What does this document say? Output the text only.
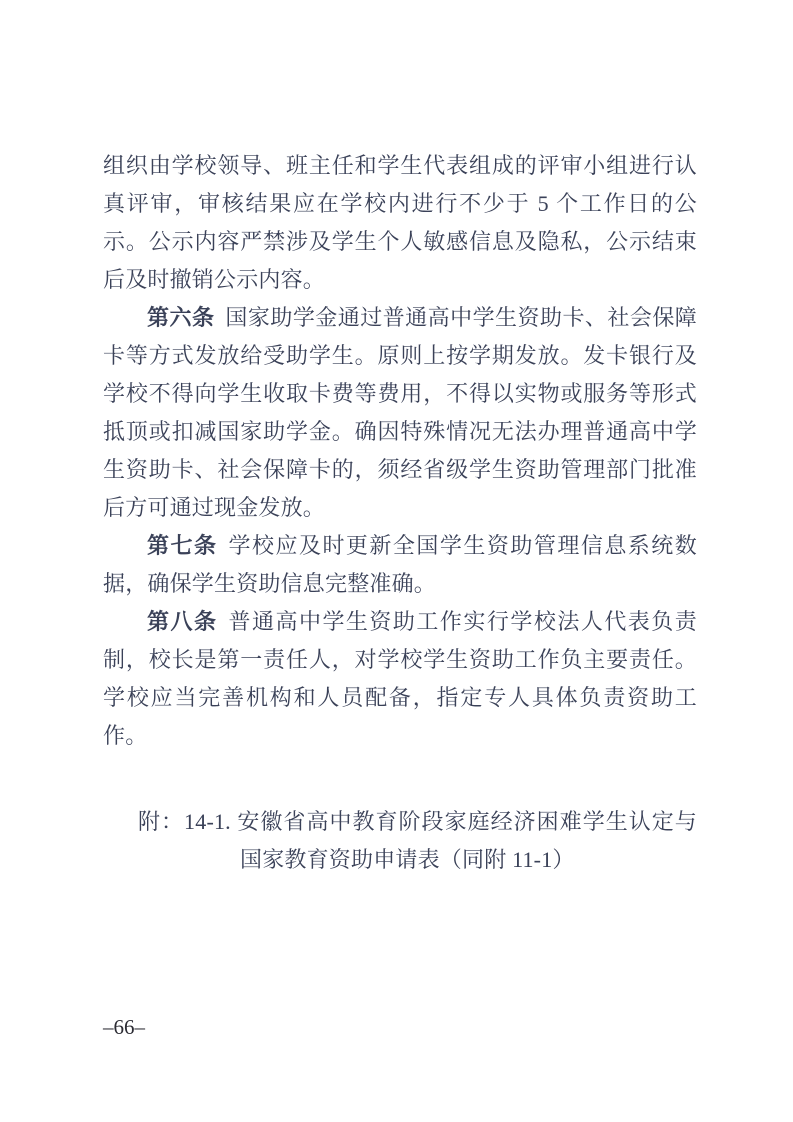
组织由学校领导、班主任和学生代表组成的评审小组进行认真评审，审核结果应在学校内进行不少于 5 个工作日的公示。公示内容严禁涉及学生个人敏感信息及隐私，公示结束后及时撤销公示内容。

第六条 国家助学金通过普通高中学生资助卡、社会保障卡等方式发放给受助学生。原则上按学期发放。发卡银行及学校不得向学生收取卡费等费用，不得以实物或服务等形式抵顶或扣减国家助学金。确因特殊情况无法办理普通高中学生资助卡、社会保障卡的，须经省级学生资助管理部门批准后方可通过现金发放。

第七条 学校应及时更新全国学生资助管理信息系统数据，确保学生资助信息完整准确。

第八条 普通高中学生资助工作实行学校法人代表负责制，校长是第一责任人，对学校学生资助工作负主要责任。学校应当完善机构和人员配备，指定专人具体负责资助工作。

附：14-1. 安徽省高中教育阶段家庭经济困难学生认定与国家教育资助申请表（同附 11-1）
–66–
